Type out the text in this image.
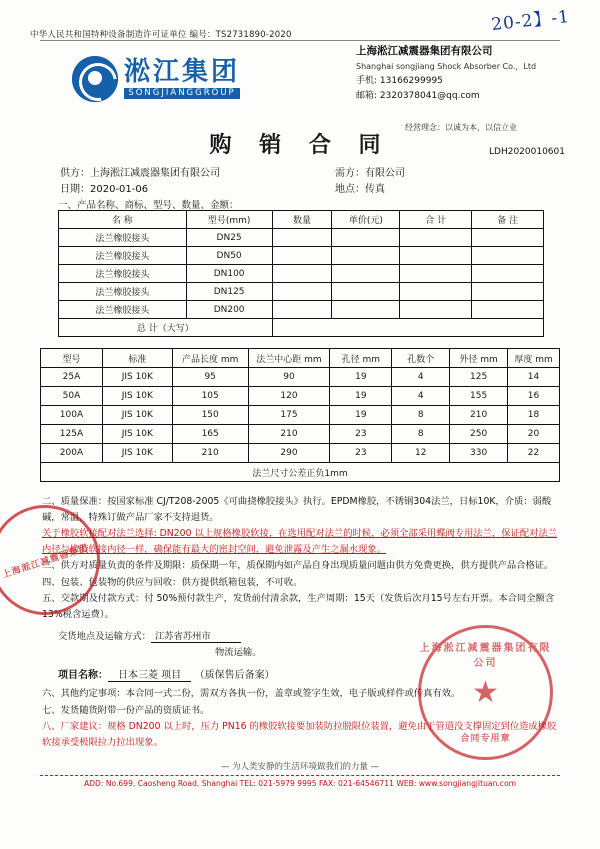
20-2】-1
中华人民共和国特种设备制造许可证单位 编号：TS2731890-2020
淞江集团
SONGJIANGGROUP
上海淞江减震器集团有限公司
Shanghai songjiang Shock Absorber Co.，Ltd
手机: 13166299995
邮箱: 2320378041@qq.com
经营理念：以诚为本，以信立业
购 销 合 同	LDH2020010601
供方：上海淞江减震器集团有限公司
日期：2020-01-06
需方：有限公司
地点：传真
一、产品名称、商标、型号、数量、金额：
名 称	型号(mm)	数量	单价(元)	合 计	备 注
法兰橡胶接头	DN25				
法兰橡胶接头	DN50				
法兰橡胶接头	DN100				
法兰橡胶接头	DN125				
法兰橡胶接头	DN200				
总 计（大写）					
型号	标准	产品长度 mm	法兰中心距 mm	孔径 mm	孔数个	外径 mm	厚度 mm
25A	JIS 10K	95	90	19	4	125	14
50A	JIS 10K	105	120	19	4	155	16
100A	JIS 10K	150	175	19	8	210	18
125A	JIS 10K	165	210	23	8	250	20
200A	JIS 10K	210	290	23	12	330	22
法兰尺寸公差正负1mm							

二、质量保准：按国家标准 CJ/T208-2005《可曲挠橡胶接头》执行。EPDM橡胶，不锈钢304法兰，日标10K，介质：弱酸碱，常温，特殊订做产品厂家不支持退货。

关于橡胶软接配对法兰选择: DN200 以上规格橡胶软接，在选用配对法兰的时候，必须全部采用蝶阀专用法兰，保证配对法兰内径与橡胶软接内径一样，确保能有最大的密封空间，避免泄露及产生之漏水现象。

三、供方对质量负责的条件及期限：质保期一年，质保期内如产品自身出现质量问题由供方免费更换，供方提供产品合格证。

四、包装、包装物的供应与回收：供方提供纸箱包装，不可收。

五、交款期及付款方式：付 50%预付款生产，发货前付清余款，生产周期：15天（发货后次月15号左右开票。本合同全额含 13%税含运费）。

交货地点及运输方式： 江苏省苏州市
物流运输。
项目名称： 日本三菱 项目 （质保售后备案）

六、其他约定事项：本合同一式二份，需双方各执一份，盖章或签字生效，电子版或样件或传真有效。

七、发货随货附带一份产品的资质证书。

八、厂家建议：规格 DN200 以上时，压力 PN16 的橡胶软接要加装防拉脱限位装置，避免由于管道没支撑固定到位造成橡胶软接承受极限拉力拉出现象。

上海淞江减震器集团
上海淞江减震器集团有限公司
★
合同专用章
— 为人类安静的生活环境做我们的力量 —
ADD: No.699, Caosheng Road, Shanghai TEL: 021-5979 9995 FAX: 021-64546711 WEB: www.songjiangjituan.com
